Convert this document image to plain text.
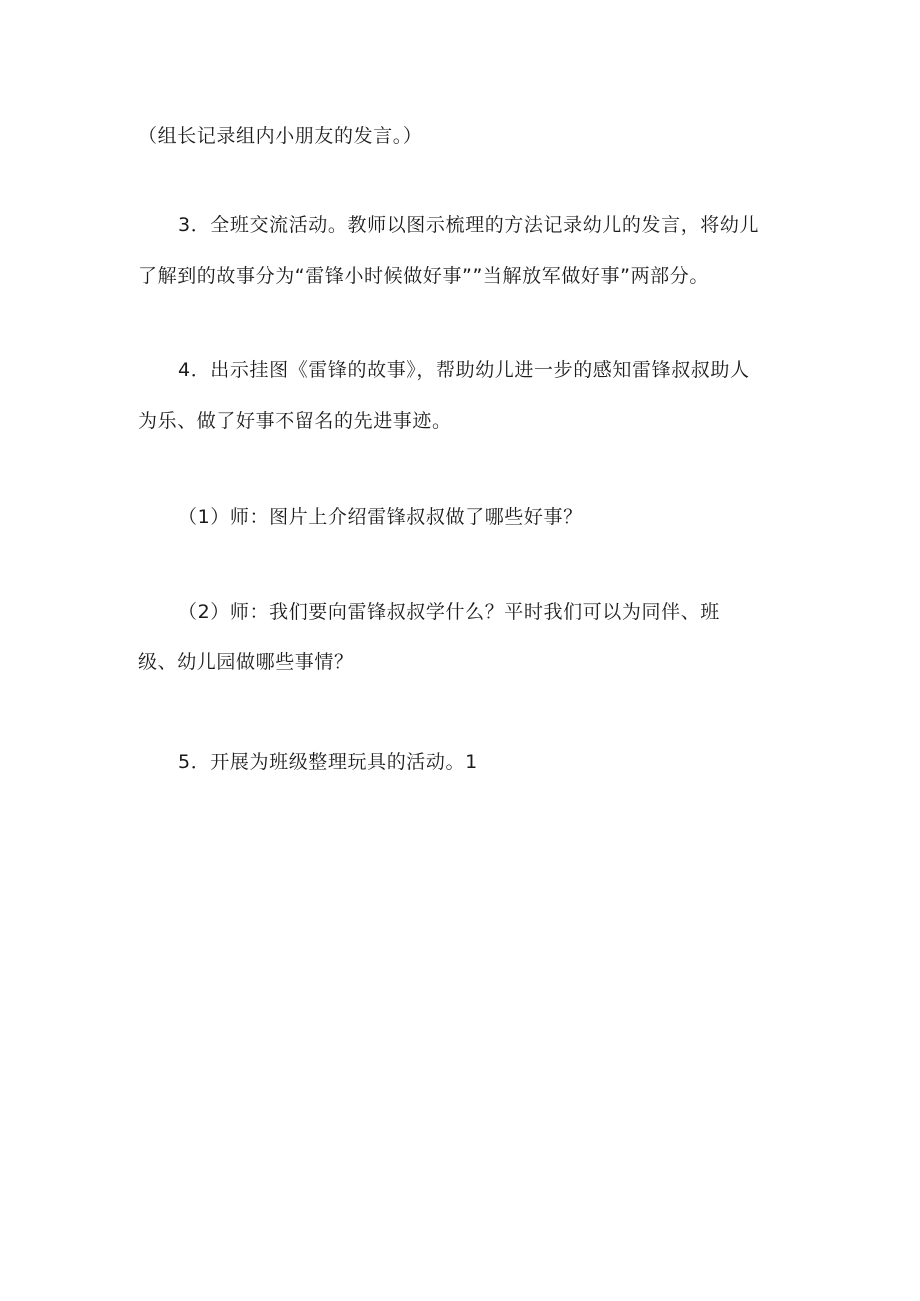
（组长记录组内小朋友的发言。）
3．全班交流活动。教师以图示梳理的方法记录幼儿的发言，将幼儿
了解到的故事分为“雷锋小时候做好事””当解放军做好事”两部分。
4．出示挂图《雷锋的故事》，帮助幼儿进一步的感知雷锋叔叔助人
为乐、做了好事不留名的先进事迹。
（1）师：图片上介绍雷锋叔叔做了哪些好事？
（2）师：我们要向雷锋叔叔学什么？平时我们可以为同伴、班
级、幼儿园做哪些事情？
5．开展为班级整理玩具的活动。1
